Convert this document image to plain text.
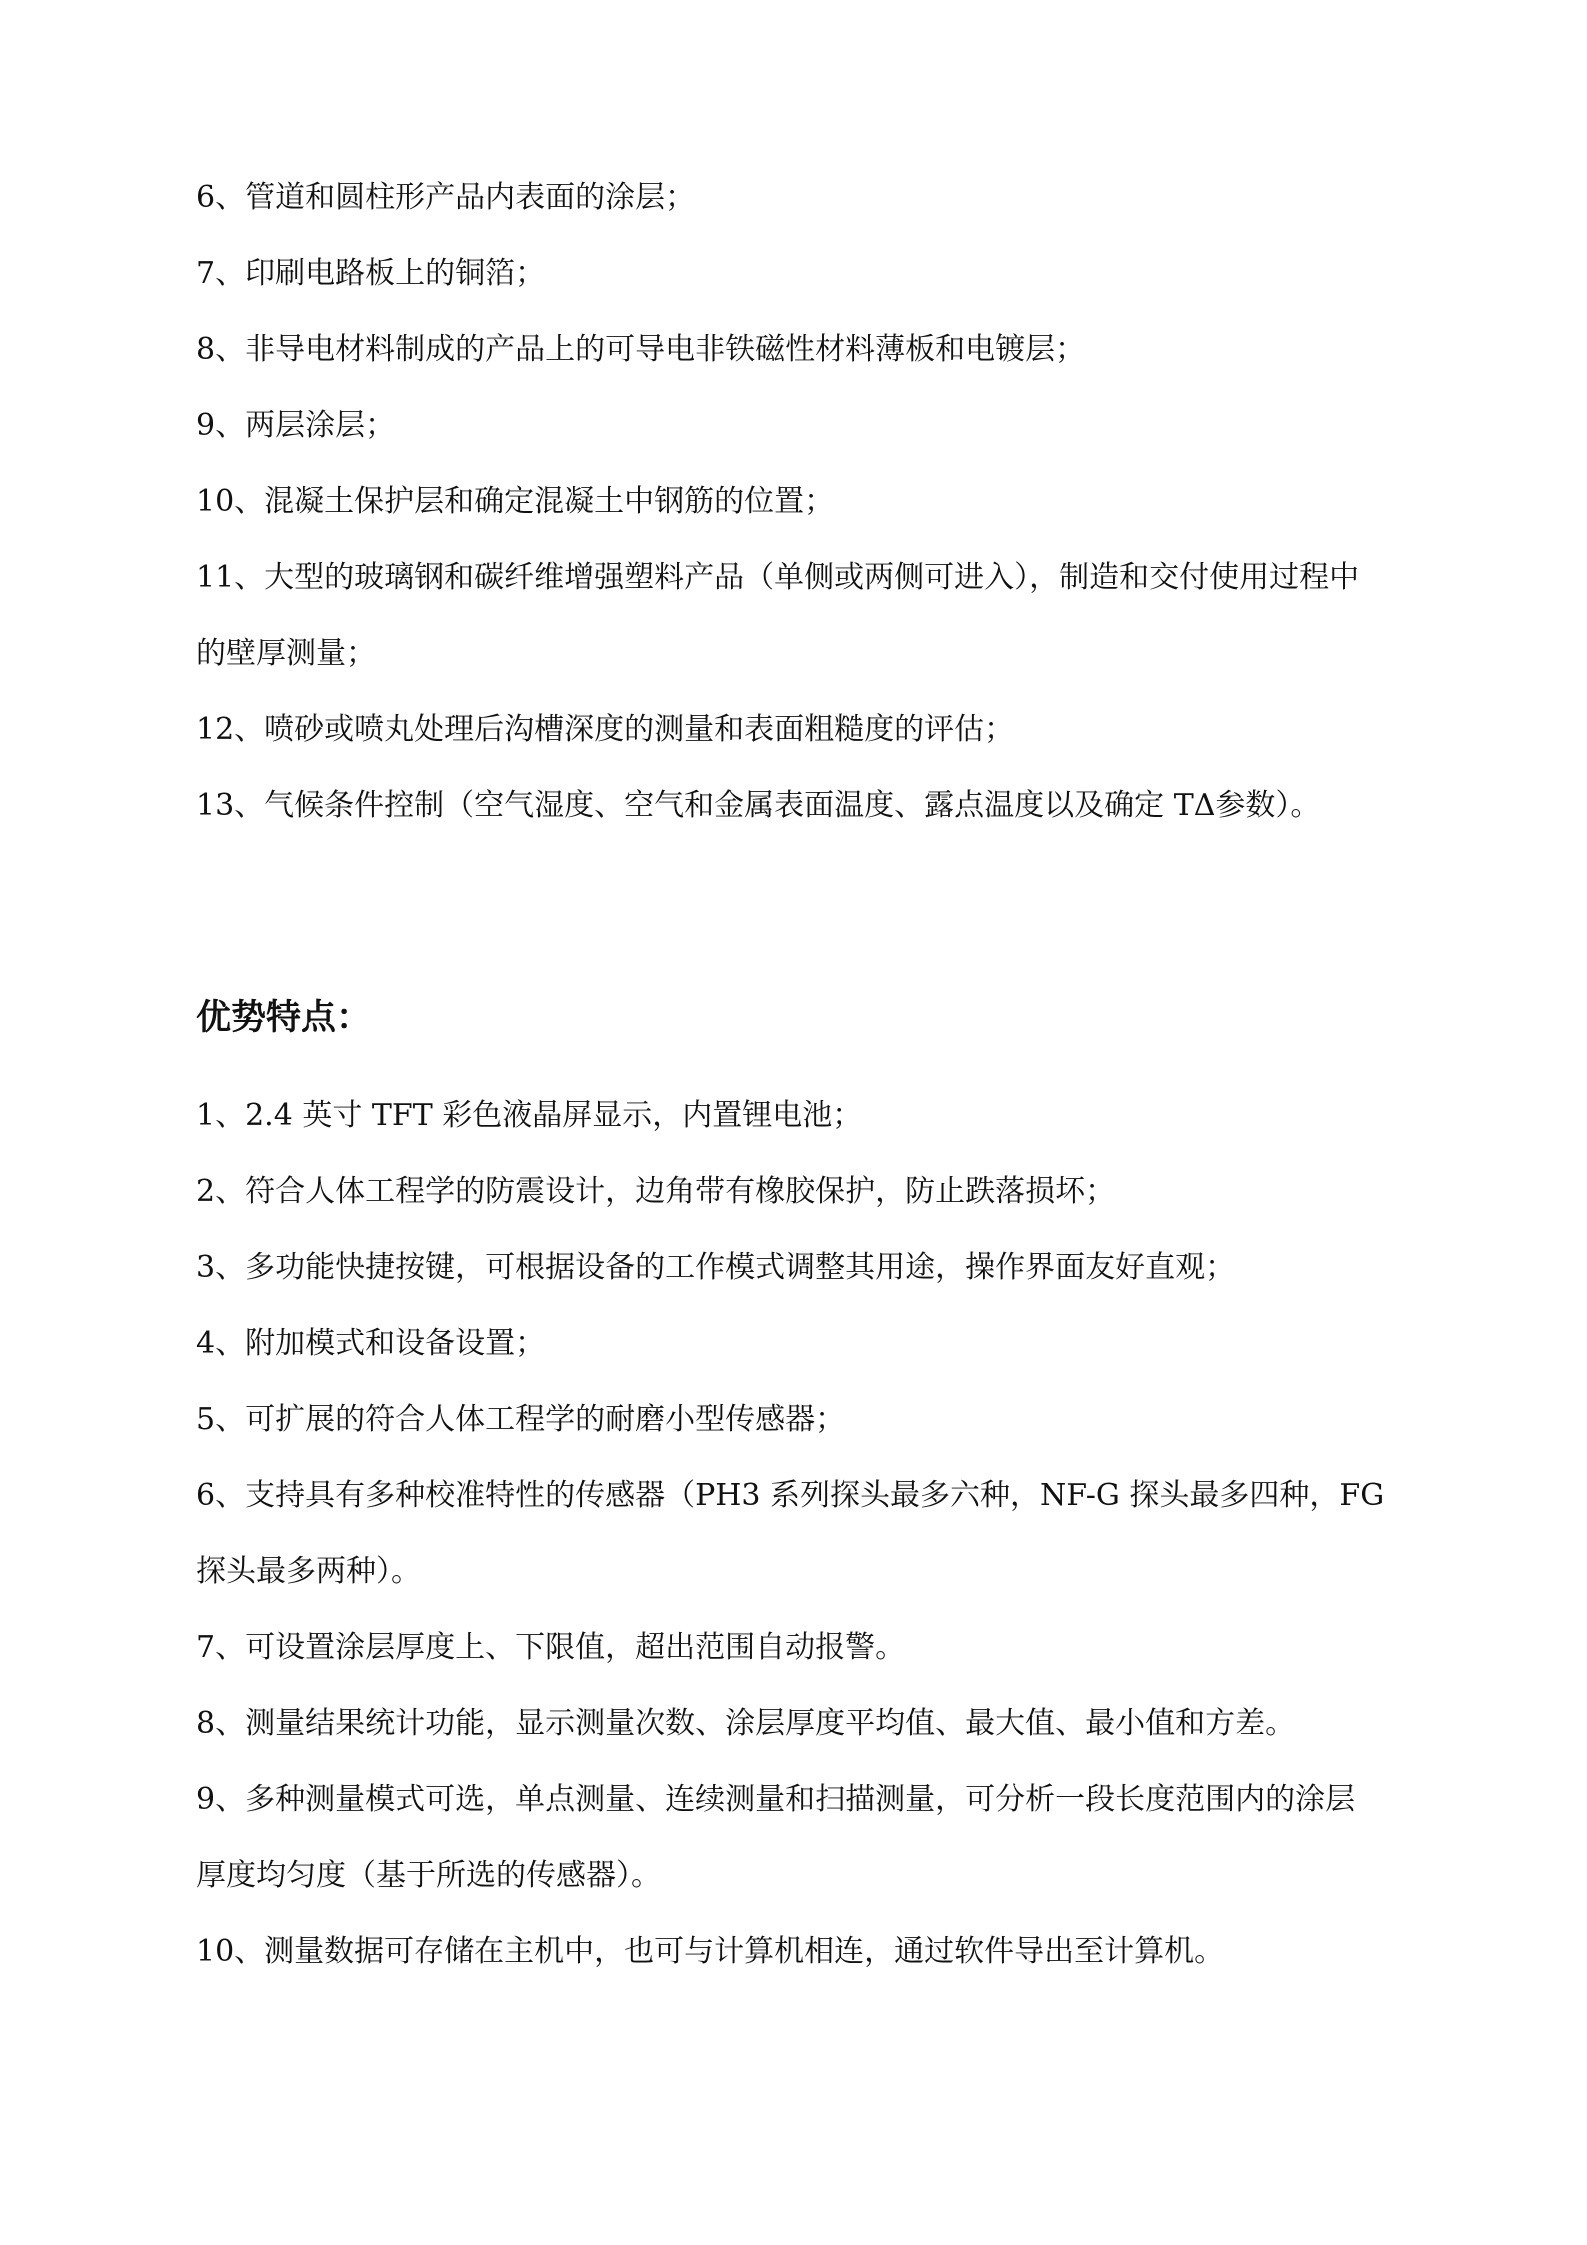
6、管道和圆柱形产品内表面的涂层；
7、印刷电路板上的铜箔；
8、非导电材料制成的产品上的可导电非铁磁性材料薄板和电镀层；
9、两层涂层；
10、混凝土保护层和确定混凝土中钢筋的位置；
11、大型的玻璃钢和碳纤维增强塑料产品（单侧或两侧可进入），制造和交付使用过程中
的壁厚测量；
12、喷砂或喷丸处理后沟槽深度的测量和表面粗糙度的评估；
13、气候条件控制（空气湿度、空气和金属表面温度、露点温度以及确定 TΔ参数）。
优势特点：
1、2.4 英寸 TFT 彩色液晶屏显示，内置锂电池；
2、符合人体工程学的防震设计，边角带有橡胶保护，防止跌落损坏；
3、多功能快捷按键，可根据设备的工作模式调整其用途，操作界面友好直观；
4、附加模式和设备设置；
5、可扩展的符合人体工程学的耐磨小型传感器；
6、支持具有多种校准特性的传感器（PH3 系列探头最多六种，NF-G 探头最多四种，FG
探头最多两种）。
7、可设置涂层厚度上、下限值，超出范围自动报警。
8、测量结果统计功能，显示测量次数、涂层厚度平均值、最大值、最小值和方差。
9、多种测量模式可选，单点测量、连续测量和扫描测量，可分析一段长度范围内的涂层
厚度均匀度（基于所选的传感器）。
10、测量数据可存储在主机中，也可与计算机相连，通过软件导出至计算机。
